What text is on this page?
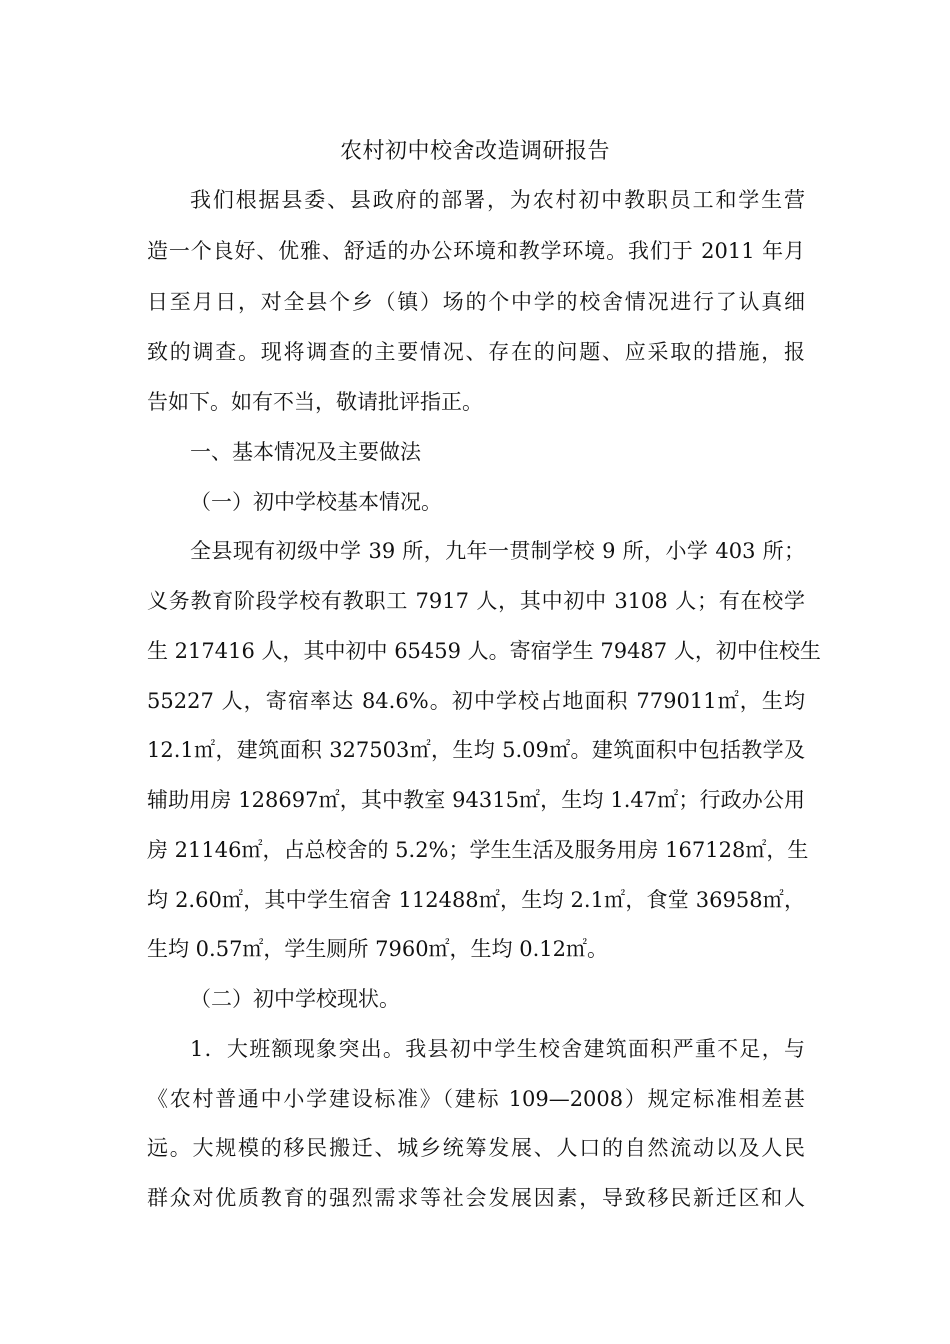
农村初中校舍改造调研报告
我们根据县委、县政府的部署，为农村初中教职员工和学生营
造一个良好、优雅、舒适的办公环境和教学环境。我们于 2011 年月
日至月日，对全县个乡（镇）场的个中学的校舍情况进行了认真细
致的调查。现将调查的主要情况、存在的问题、应采取的措施，报
告如下。如有不当，敬请批评指正。
一、基本情况及主要做法
（一）初中学校基本情况。
全县现有初级中学 39 所，九年一贯制学校 9 所，小学 403 所；
义务教育阶段学校有教职工 7917 人，其中初中 3108 人；有在校学
生 217416 人，其中初中 65459 人。寄宿学生 79487 人，初中住校生
55227 人，寄宿率达 84.6%。初中学校占地面积 779011㎡，生均
12.1㎡，建筑面积 327503㎡，生均 5.09㎡。建筑面积中包括教学及
辅助用房 128697㎡，其中教室 94315㎡，生均 1.47㎡；行政办公用
房 21146㎡，占总校舍的 5.2%；学生生活及服务用房 167128㎡，生
均 2.60㎡，其中学生宿舍 112488㎡，生均 2.1㎡，食堂 36958㎡，
生均 0.57㎡，学生厕所 7960㎡，生均 0.12㎡。
（二）初中学校现状。
1．大班额现象突出。我县初中学生校舍建筑面积严重不足，与
《农村普通中小学建设标准》（建标 109—2008）规定标准相差甚
远。大规模的移民搬迁、城乡统筹发展、人口的自然流动以及人民
群众对优质教育的强烈需求等社会发展因素，导致移民新迁区和人
